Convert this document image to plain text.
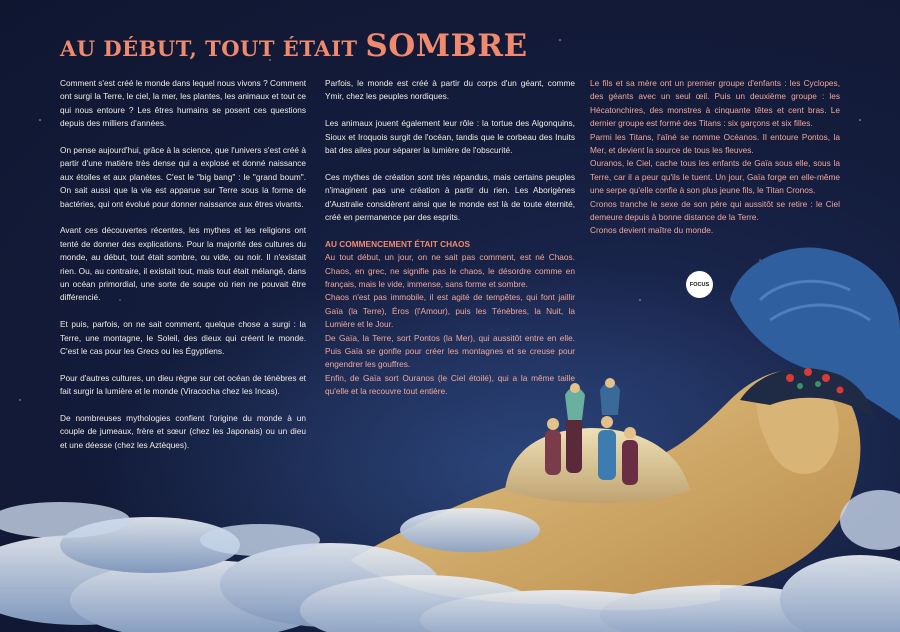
AU DÉBUT, TOUT ÉTAIT SOMBRE

Comment s'est créé le monde dans lequel nous vivons ? Comment ont surgi la Terre, le ciel, la mer, les plantes, les animaux et tout ce qui nous entoure ? Les êtres humains se posent ces questions depuis des milliers d'années.

On pense aujourd'hui, grâce à la science, que l'univers s'est créé à partir d'une matière très dense qui a explosé et donné naissance aux étoiles et aux planètes. C'est le "big bang" : le "grand boum". On sait aussi que la vie est apparue sur Terre sous la forme de bactéries, qui ont évolué pour donner naissance aux êtres vivants.

Avant ces découvertes récentes, les mythes et les religions ont tenté de donner des explications. Pour la majorité des cultures du monde, au début, tout était sombre, ou vide, ou noir. Il n'existait rien. Ou, au contraire, il existait tout, mais tout était mélangé, dans un océan primordial, une sorte de soupe où rien ne pouvait être différencié.

Et puis, parfois, on ne sait comment, quelque chose a surgi : la Terre, une montagne, le Soleil, des dieux qui créent le monde. C'est le cas pour les Grecs ou les Égyptiens.

Pour d'autres cultures, un dieu règne sur cet océan de ténèbres et fait surgir la lumière et le monde (Viracocha chez les Incas).

De nombreuses mythologies confient l'origine du monde à un couple de jumeaux, frère et sœur (chez les Japonais) ou un dieu et une déesse (chez les Aztèques).

Parfois, le monde est créé à partir du corps d'un géant, comme Ymir, chez les peuples nordiques.

Les animaux jouent également leur rôle : la tortue des Algonquins, Sioux et Iroquois surgit de l'océan, tandis que le corbeau des Inuits bat des ailes pour séparer la lumière de l'obscurité.

Ces mythes de création sont très répandus, mais certains peuples n'imaginent pas une création à partir du rien. Les Aborigènes d'Australie considèrent ainsi que le monde est là de toute éternité, créé en permanence par des esprits.

AU COMMENCEMENT ÉTAIT CHAOS

Au tout début, un jour, on ne sait pas comment, est né Chaos. Chaos, en grec, ne signifie pas le chaos, le désordre comme en français, mais le vide, immense, sans forme et sombre.

Chaos n'est pas immobile, il est agité de tempêtes, qui font jaillir Gaïa (la Terre), Éros (l'Amour), puis les Ténèbres, la Nuit, la Lumière et le Jour.

De Gaïa, la Terre, sort Pontos (la Mer), qui aussitôt entre en elle. Puis Gaïa se gonfle pour créer les montagnes et se creuse pour engendrer les gouffres.

Enfin, de Gaïa sort Ouranos (le Ciel étoilé), qui a la même taille qu'elle et la recouvre tout entière.

Le fils et sa mère ont un premier groupe d'enfants : les Cyclopes, des géants avec un seul œil. Puis un deuxième groupe : les Hécatonchires, des monstres à cinquante têtes et cent bras. Le dernier groupe est formé des Titans : six garçons et six filles.

Parmi les Titans, l'aîné se nomme Océanos. Il entoure Pontos, la Mer, et devient la source de tous les fleuves.

Ouranos, le Ciel, cache tous les enfants de Gaïa sous elle, sous la Terre, car il a peur qu'ils le tuent. Un jour, Gaïa forge en elle-même une serpe qu'elle confie à son plus jeune fils, le Titan Cronos.

Cronos tranche le sexe de son père qui aussitôt se retire : le Ciel demeure depuis à bonne distance de la Terre.

Cronos devient maître du monde.

FOCUS
